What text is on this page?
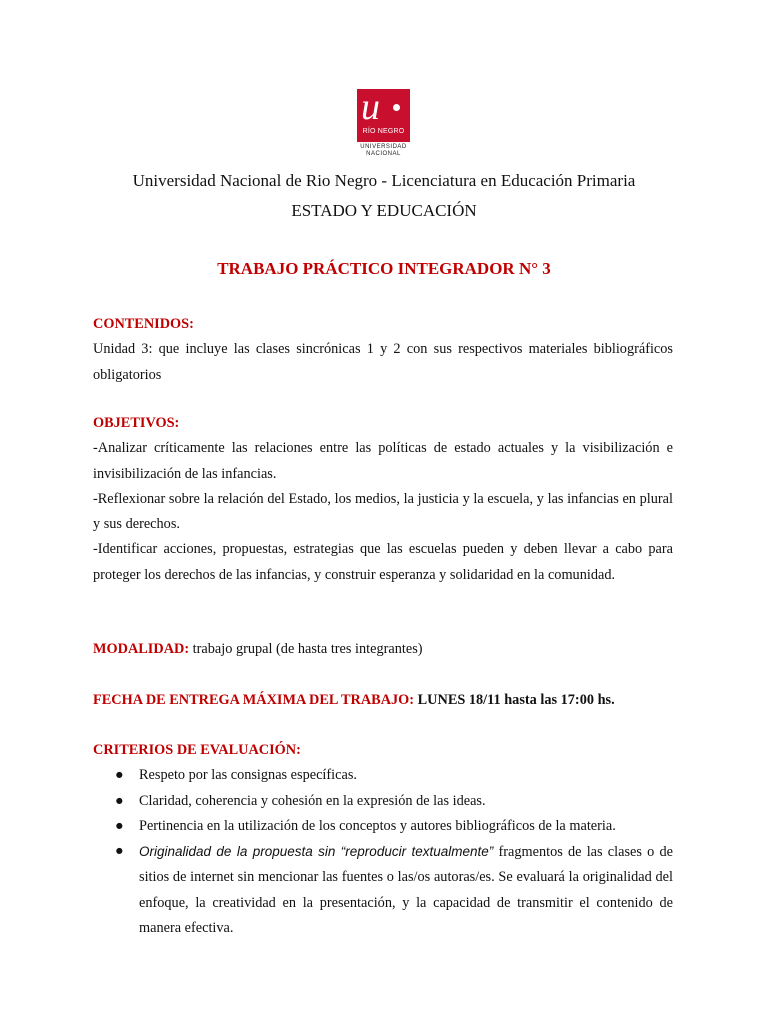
u
RÍO NEGRO
UNIVERSIDAD
NACIONAL
Universidad Nacional de Rio Negro - Licenciatura en Educación Primaria
ESTADO Y EDUCACIÓN
TRABAJO PRÁCTICO INTEGRADOR N° 3
CONTENIDOS:

Unidad 3: que incluye las clases sincrónicas 1 y 2 con sus respectivos materiales bibliográficos obligatorios

OBJETIVOS:

-Analizar críticamente las relaciones entre las políticas de estado actuales y la visibilización e invisibilización de las infancias.

-Reflexionar sobre la relación del Estado, los medios, la justicia y la escuela, y las infancias en plural y sus derechos.

-Identificar acciones, propuestas, estrategias que las escuelas pueden y deben llevar a cabo para proteger los derechos de las infancias, y construir esperanza y solidaridad en la comunidad.

MODALIDAD: trabajo grupal (de hasta tres integrantes)
FECHA DE ENTREGA MÁXIMA DEL TRABAJO: LUNES 18/11 hasta las 17:00 hs.
CRITERIOS DE EVALUACIÓN:
● Respeto por las consignas específicas.
● Claridad, coherencia y cohesión en la expresión de las ideas.
● Pertinencia en la utilización de los conceptos y autores bibliográficos de la materia.
● Originalidad de la propuesta sin “reproducir textualmente” fragmentos de las clases o de sitios de internet sin mencionar las fuentes o las/os autoras/es. Se evaluará la originalidad del enfoque, la creatividad en la presentación, y la capacidad de transmitir el contenido de manera efectiva.
